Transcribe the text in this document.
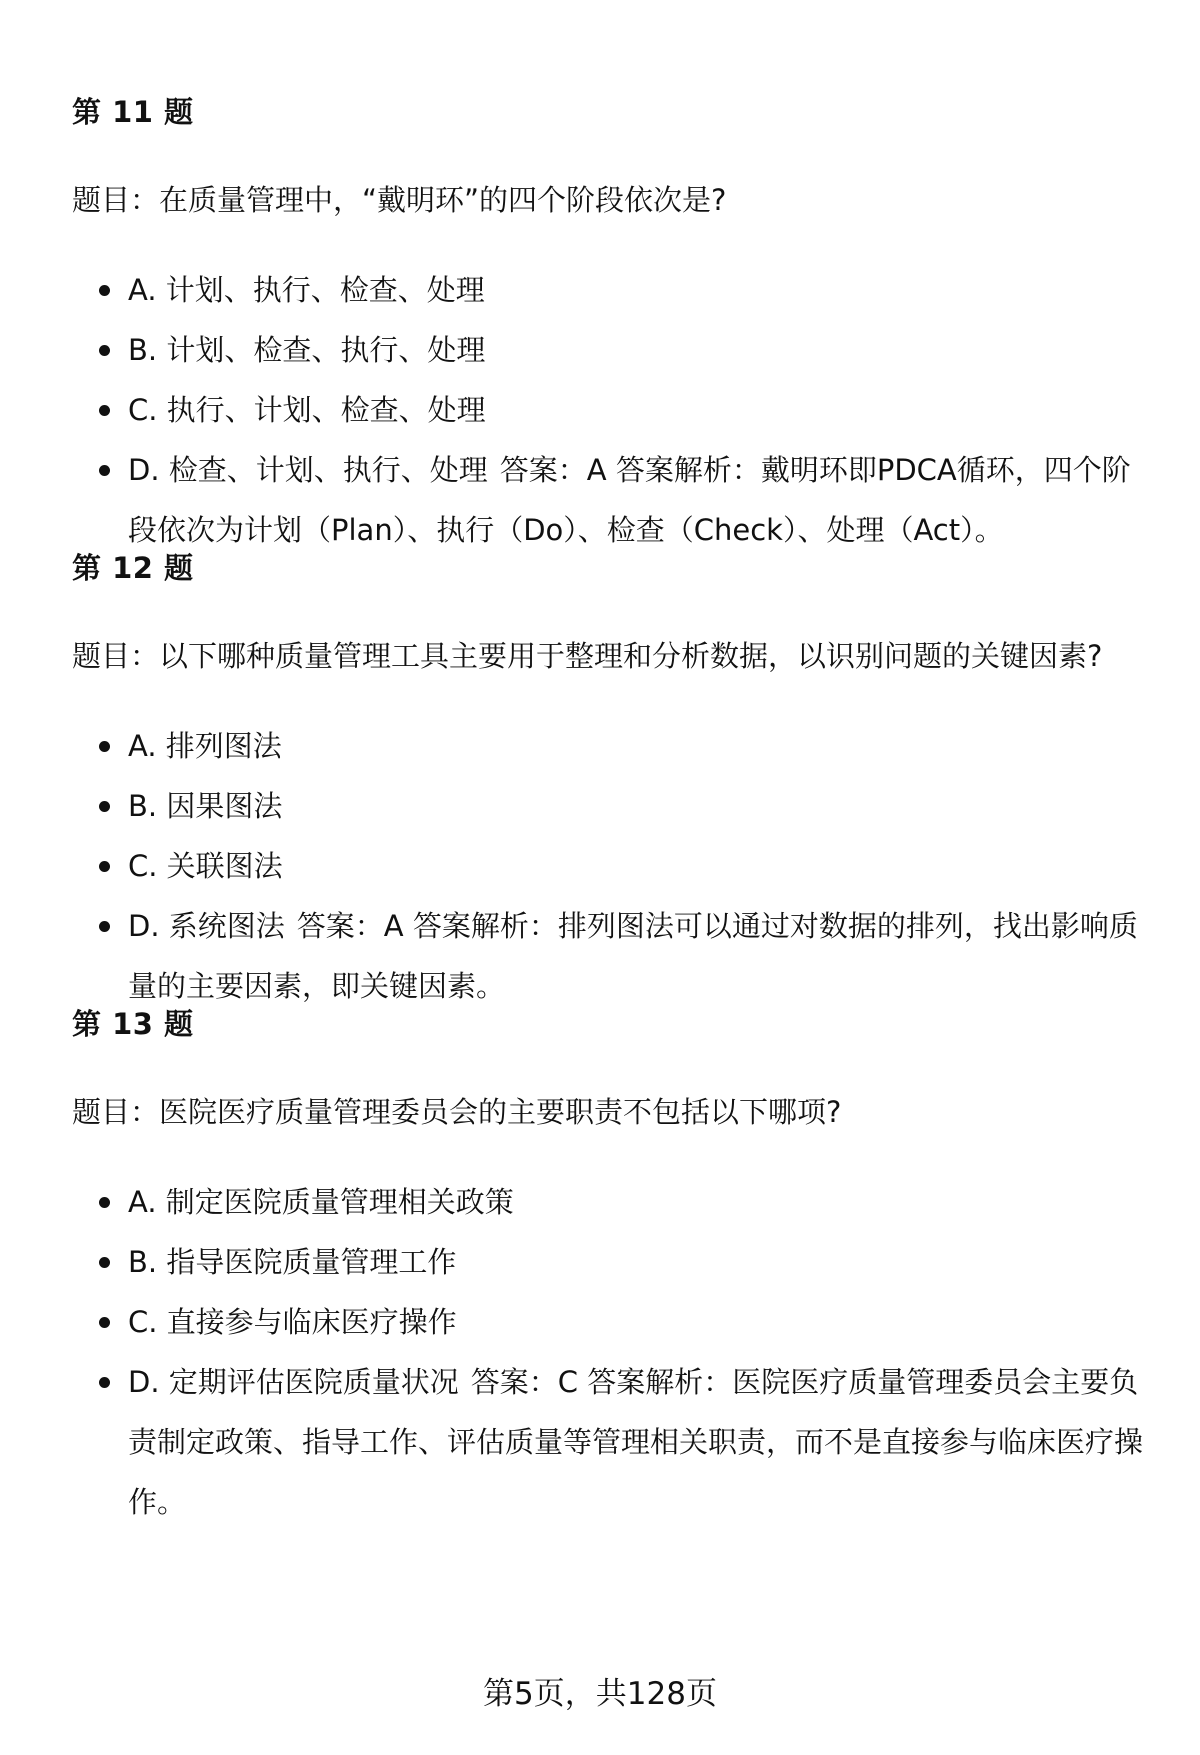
第 11 题

题目：在质量管理中，“戴明环”的四个阶段依次是?

A. 计划、执行、检查、处理
B. 计划、检查、执行、处理
C. 执行、计划、检查、处理
D. 检查、计划、执行、处理 答案：A 答案解析：戴明环即PDCA循环，四个阶段依次为计划（Plan）、执行（Do）、检查（Check）、处理（Act）。
第 12 题

题目：以下哪种质量管理工具主要用于整理和分析数据，以识别问题的关键因素?

A. 排列图法
B. 因果图法
C. 关联图法
D. 系统图法 答案：A 答案解析：排列图法可以通过对数据的排列，找出影响质量的主要因素，即关键因素。
第 13 题

题目：医院医疗质量管理委员会的主要职责不包括以下哪项?

A. 制定医院质量管理相关政策
B. 指导医院质量管理工作
C. 直接参与临床医疗操作
D. 定期评估医院质量状况 答案：C 答案解析：医院医疗质量管理委员会主要负责制定政策、指导工作、评估质量等管理相关职责，而不是直接参与临床医疗操作。
第5页，共128页
